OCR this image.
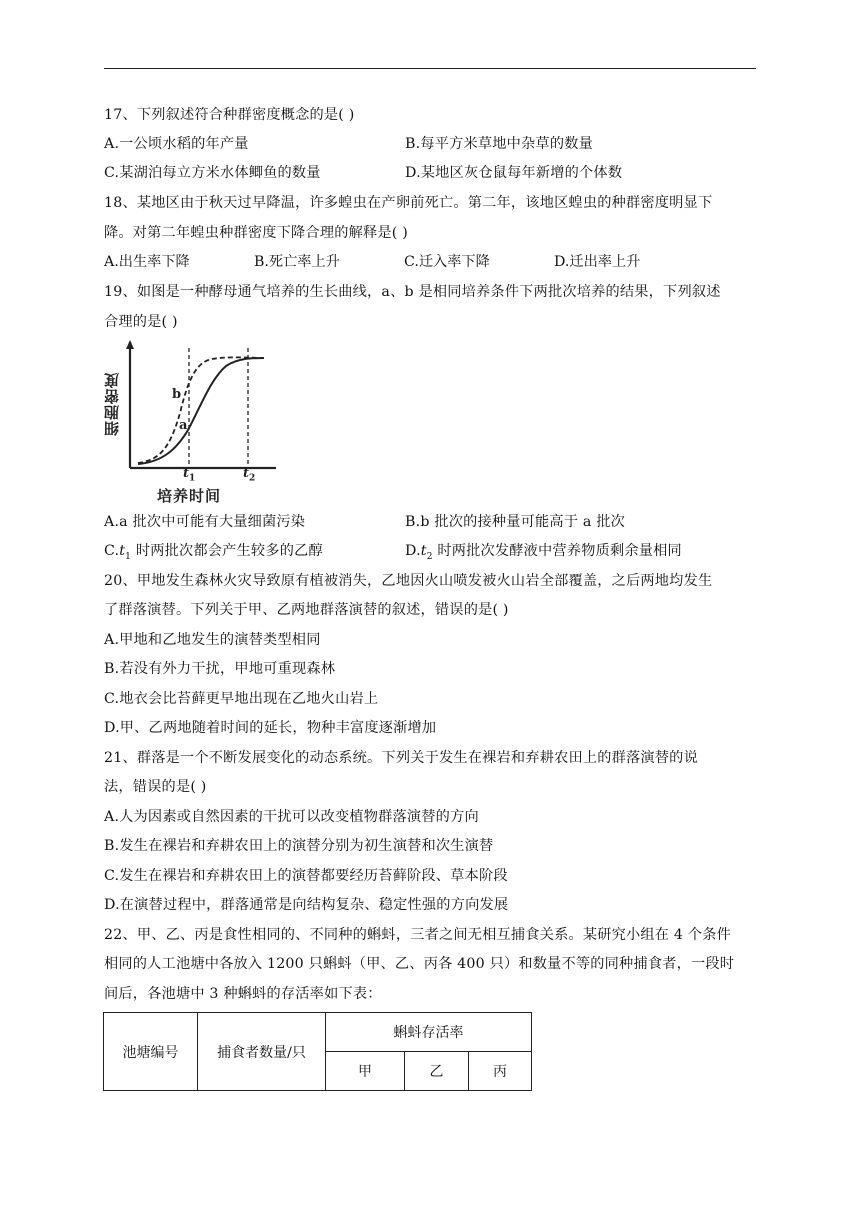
17、下列叙述符合种群密度概念的是( )
A.一公顷水稻的年产量	B.每平方米草地中杂草的数量
C.某湖泊每立方米水体鲫鱼的数量	D.某地区灰仓鼠每年新增的个体数
18、某地区由于秋天过早降温，许多蝗虫在产卵前死亡。第二年，该地区蝗虫的种群密度明显下
降。对第二年蝗虫种群密度下降合理的解释是( )
A.出生率下降	B.死亡率上升	C.迁入率下降	D.迁出率上升
19、如图是一种酵母通气培养的生长曲线，a、b 是相同培养条件下两批次培养的结果，下列叙述
合理的是( )
细胞密度	b
a
$t_1$	$t_2$
培养时间
A.a 批次中可能有大量细菌污染	B.b 批次的接种量可能高于 a 批次
$C.t_1$ 时两批次都会产生较多的乙醇	$D.t_2$ 时两批次发酵液中营养物质剩余量相同
20、甲地发生森林火灾导致原有植被消失，乙地因火山喷发被火山岩全部覆盖，之后两地均发生
了群落演替。下列关于甲、乙两地群落演替的叙述，错误的是( )
A.甲地和乙地发生的演替类型相同
B.若没有外力干扰，甲地可重现森林
C.地衣会比苔藓更早地出现在乙地火山岩上
D.甲、乙两地随着时间的延长，物种丰富度逐渐增加
21、群落是一个不断发展变化的动态系统。下列关于发生在裸岩和弃耕农田上的群落演替的说
法，错误的是( )
A.人为因素或自然因素的干扰可以改变植物群落演替的方向
B.发生在裸岩和弃耕农田上的演替分别为初生演替和次生演替
C.发生在裸岩和弃耕农田上的演替都要经历苔藓阶段、草本阶段
D.在演替过程中，群落通常是向结构复杂、稳定性强的方向发展
22、甲、乙、丙是食性相同的、不同种的蝌蚪，三者之间无相互捕食关系。某研究小组在 4 个条件
相同的人工池塘中各放入 1200 只蝌蚪（甲、乙、丙各 400 只）和数量不等的同种捕食者，一段时
间后，各池塘中 3 种蝌蚪的存活率如下表：
池塘编号	捕食者数量/只	蝌蚪存活率		
		甲	乙	丙
